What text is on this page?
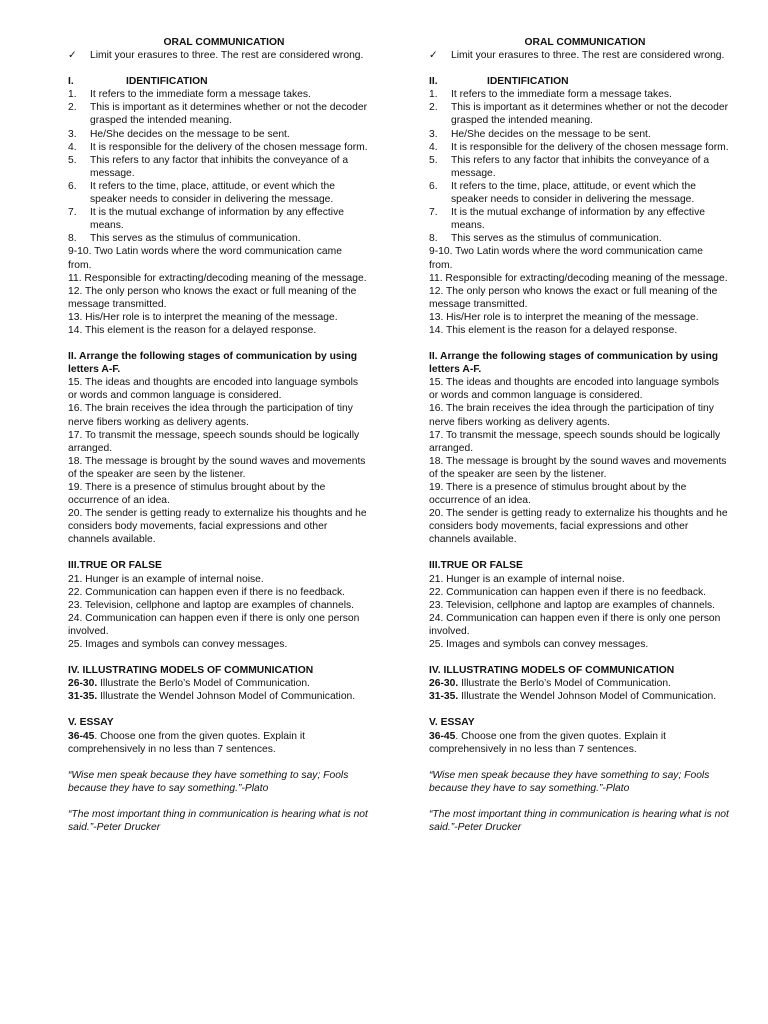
ORAL COMMUNICATION
✓ Limit your erasures to three. The rest are considered wrong.
I.	IDENTIFICATION
1. It refers to the immediate form a message takes.
2. This is important as it determines whether or not the decoder grasped the intended meaning.
3. He/She decides on the message to be sent.
4. It is responsible for the delivery of the chosen message form.
5. This refers to any factor that inhibits the conveyance of a message.
6. It refers to the time, place, attitude, or event which the speaker needs to consider in delivering the message.
7. It is the mutual exchange of information by any effective means.
8. This serves as the stimulus of communication.
9-10. Two Latin words where the word communication came from.
11. Responsible for extracting/decoding meaning of the message.
12. The only person who knows the exact or full meaning of the message transmitted.
13. His/Her role is to interpret the meaning of the message.
14. This element is the reason for a delayed response.
II. Arrange the following stages of communication by using letters A-F.
15. The ideas and thoughts are encoded into language symbols or words and common language is considered.
16. The brain receives the idea through the participation of tiny nerve fibers working as delivery agents.
17. To transmit the message, speech sounds should be logically arranged.
18. The message is brought by the sound waves and movements of the speaker are seen by the listener.
19. There is a presence of stimulus brought about by the occurrence of an idea.
20. The sender is getting ready to externalize his thoughts and he considers body movements, facial expressions and other channels available.
III.TRUE OR FALSE
21. Hunger is an example of internal noise.
22. Communication can happen even if there is no feedback.
23. Television, cellphone and laptop are examples of channels.
24. Communication can happen even if there is only one person involved.
25. Images and symbols can convey messages.
IV. ILLUSTRATING MODELS OF COMMUNICATION
26-30. Illustrate the Berlo’s Model of Communication.
31-35. Illustrate the Wendel Johnson Model of Communication.
V. ESSAY
36-45. Choose one from the given quotes. Explain it comprehensively in no less than 7 sentences.
“Wise men speak because they have something to say; Fools because they have to say something.”-Plato
“The most important thing in communication is hearing what is not said.”-Peter Drucker
ORAL COMMUNICATION
✓ Limit your erasures to three. The rest are considered wrong.
II.	IDENTIFICATION
1. It refers to the immediate form a message takes.
2. This is important as it determines whether or not the decoder grasped the intended meaning.
3. He/She decides on the message to be sent.
4. It is responsible for the delivery of the chosen message form.
5. This refers to any factor that inhibits the conveyance of a message.
6. It refers to the time, place, attitude, or event which the speaker needs to consider in delivering the message.
7. It is the mutual exchange of information by any effective means.
8. This serves as the stimulus of communication.
9-10. Two Latin words where the word communication came from.
11. Responsible for extracting/decoding meaning of the message.
12. The only person who knows the exact or full meaning of the message transmitted.
13. His/Her role is to interpret the meaning of the message.
14. This element is the reason for a delayed response.
II. Arrange the following stages of communication by using letters A-F.
15. The ideas and thoughts are encoded into language symbols or words and common language is considered.
16. The brain receives the idea through the participation of tiny nerve fibers working as delivery agents.
17. To transmit the message, speech sounds should be logically arranged.
18. The message is brought by the sound waves and movements of the speaker are seen by the listener.
19. There is a presence of stimulus brought about by the occurrence of an idea.
20. The sender is getting ready to externalize his thoughts and he considers body movements, facial expressions and other channels available.
III.TRUE OR FALSE
21. Hunger is an example of internal noise.
22. Communication can happen even if there is no feedback.
23. Television, cellphone and laptop are examples of channels.
24. Communication can happen even if there is only one person involved.
25. Images and symbols can convey messages.
IV. ILLUSTRATING MODELS OF COMMUNICATION
26-30. Illustrate the Berlo’s Model of Communication.
31-35. Illustrate the Wendel Johnson Model of Communication.
V. ESSAY
36-45. Choose one from the given quotes. Explain it comprehensively in no less than 7 sentences.
“Wise men speak because they have something to say; Fools because they have to say something.”-Plato
“The most important thing in communication is hearing what is not said.”-Peter Drucker
